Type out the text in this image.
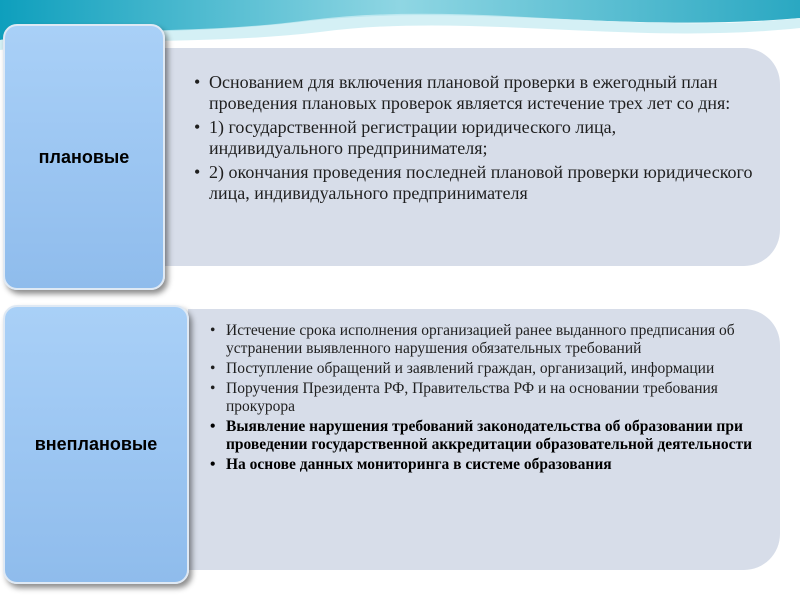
• Основанием для включения плановой проверки в ежегодный план проведения плановых проверок является истечение трех лет со дня:
• 1) государственной регистрации юридического лица, индивидуального предпринимателя;
• 2) окончания проведения последней плановой проверки юридического лица, индивидуального предпринимателя
плановые
• Истечение срока исполнения организацией ранее выданного предписания об устранении выявленного нарушения обязательных требований
• Поступление обращений и заявлений граждан, организаций, информации
• Поручения Президента РФ, Правительства РФ и на основании требования прокурора
• Выявление нарушения требований законодательства об образовании при проведении государственной аккредитации образовательной деятельности
• На основе данных мониторинга в системе образования
внеплановые
